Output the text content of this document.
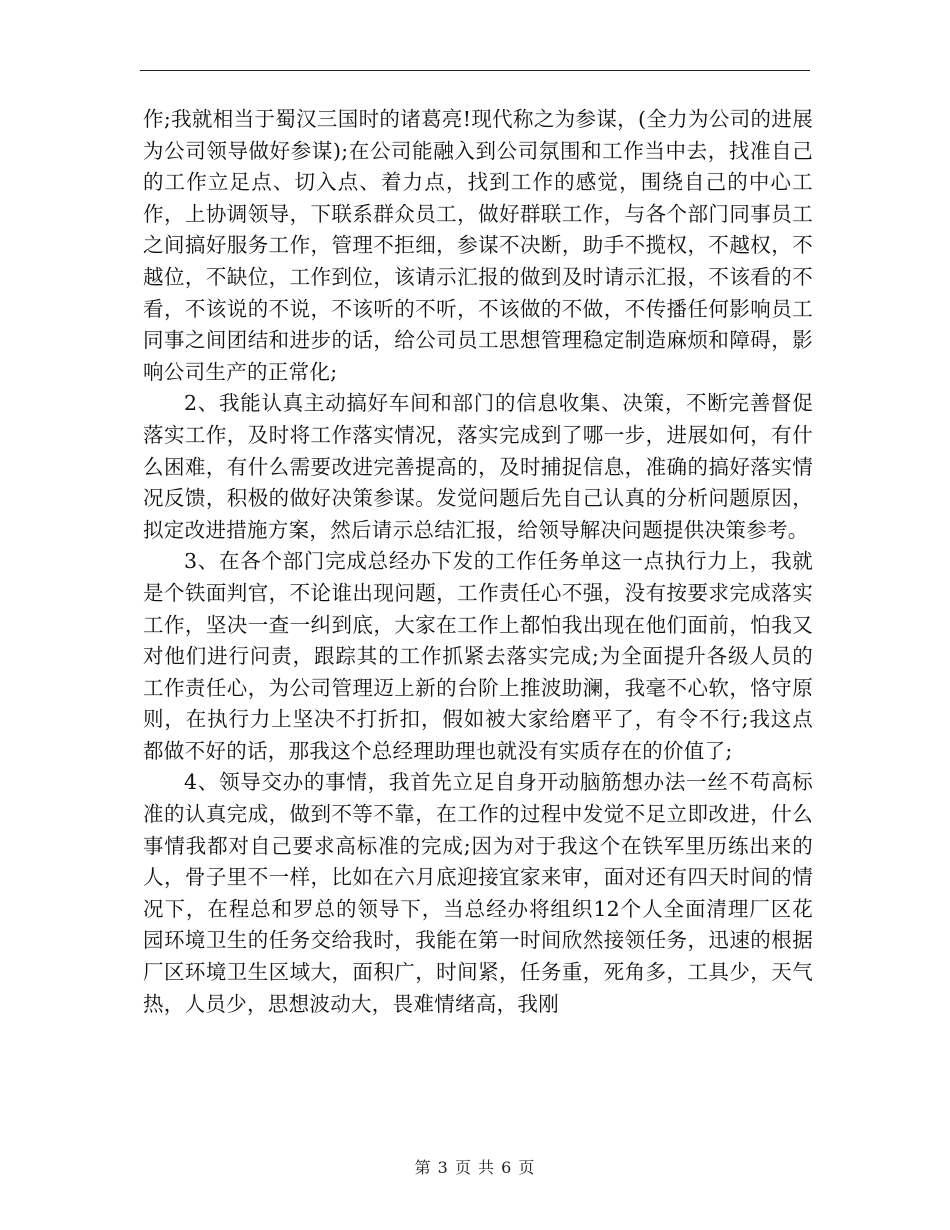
作;我就相当于蜀汉三国时的诸葛亮!现代称之为参谋，(全力为公司的进展为公司领导做好参谋);在公司能融入到公司氛围和工作当中去，找准自己的工作立足点、切入点、着力点，找到工作的感觉，围绕自己的中心工作，上协调领导，下联系群众员工，做好群联工作，与各个部门同事员工之间搞好服务工作，管理不拒细，参谋不决断，助手不揽权，不越权，不越位，不缺位，工作到位，该请示汇报的做到及时请示汇报，不该看的不看，不该说的不说，不该听的不听，不该做的不做，不传播任何影响员工同事之间团结和进步的话，给公司员工思想管理稳定制造麻烦和障碍，影响公司生产的正常化;

2、我能认真主动搞好车间和部门的信息收集、决策，不断完善督促落实工作，及时将工作落实情况，落实完成到了哪一步，进展如何，有什么困难，有什么需要改进完善提高的，及时捕捉信息，准确的搞好落实情况反馈，积极的做好决策参谋。发觉问题后先自己认真的分析问题原因，拟定改进措施方案，然后请示总结汇报，给领导解决问题提供决策参考。

3、在各个部门完成总经办下发的工作任务单这一点执行力上，我就是个铁面判官，不论谁出现问题，工作责任心不强，没有按要求完成落实工作，坚决一查一纠到底，大家在工作上都怕我出现在他们面前，怕我又对他们进行问责，跟踪其的工作抓紧去落实完成;为全面提升各级人员的工作责任心，为公司管理迈上新的台阶上推波助澜，我毫不心软，恪守原则，在执行力上坚决不打折扣，假如被大家给磨平了，有令不行;我这点都做不好的话，那我这个总经理助理也就没有实质存在的价值了;

4、领导交办的事情，我首先立足自身开动脑筋想办法一丝不苟高标准的认真完成，做到不等不靠，在工作的过程中发觉不足立即改进，什么事情我都对自己要求高标准的完成;因为对于我这个在铁军里历练出来的人，骨子里不一样，比如在六月底迎接宜家来审，面对还有四天时间的情况下，在程总和罗总的领导下，当总经办将组织12个人全面清理厂区花园环境卫生的任务交给我时，我能在第一时间欣然接领任务，迅速的根据厂区环境卫生区域大，面积广，时间紧，任务重，死角多，工具少，天气热，人员少，思想波动大，畏难情绪高，我刚

第 3 页 共 6 页
